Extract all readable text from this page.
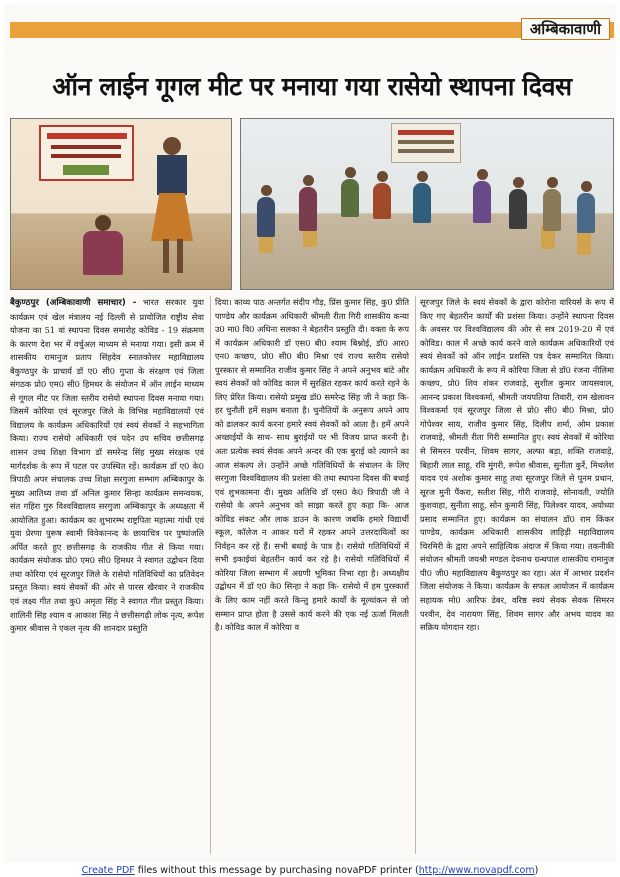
अम्बिकावाणी
ऑन लाईन गूगल मीट पर मनाया गया रासेयो स्थापना दिवस

बैकुण्ठपुर (अम्बिकावाणी समाचार) - भारत सरकार युवा कार्यक्रम एवं खेल मंत्रालय नई दिल्ली से प्रायोजित राष्ट्रीय सेवा योजना का 51 वां स्थापना दिवस समारोह कोविड - 19 संक्रमण के कारण देश भर में वर्चुअल माध्यम से मनाया गया। इसी क्रम में शासकीय रामानुज प्रताप सिंहदेव स्नातकोत्तर महाविद्यालय बैकुण्ठपुर के प्राचार्य डॉ ए0 सी0 गुप्ता के संरक्षण एवं जिला संगठक प्रो0 एम0 सी0 हिमधर के संयोजन में ऑन लाईन माध्यम से गूगल मीट पर जिला स्तरीय रासेयो स्थापना दिवस मनाया गया। जिसमें कोरिया एवं सूरजपुर जिले के विभिन्न महाविद्यालयों एवं विद्यालय के कार्यक्रम अधिकारियों एवं स्वयं सेवकों ने सहभागिता किया। राज्य रासेयो अधिकारी एवं पदेन उप सचिव छत्तीसगढ़ शासन उच्च शिक्षा विभाग डॉ समरेन्द्र सिंह मुख्य संरक्षक एवं मार्गदर्शक के रूप में पटल पर उपस्थित रहें। कार्यक्रम डॉ ए0 के0 त्रिपाठी अपर संचालक उच्च शिक्षा सरगुजा सम्भाग अम्बिकापुर के मुख्य आतिथ्य तथा डॉ अनिल कुमार सिन्हा कार्यक्रम समन्वयक, संत गहिरा गुरु विश्वविद्यालय सरगुजा अम्बिकापुर के अध्यक्षता में आयोजित हुआ। कार्यक्रम का शुभारम्भ राष्ट्रपिता महात्मा गांधी एवं युवा प्रेरणा पुरूष स्वामी विवेकानन्द के छायाचित्र पर पुष्पांजलि अर्पित करते हुए छत्तीसगढ़ के राजकीय गीत से किया गया। कार्यक्रम संयोजक प्रो0 एम0 सी0 हिमधर ने स्वागत उद्बोधन दिया तथा कोरिया एवं सूरजपुर जिले के रासेयो गतिविधियों का प्रतिवेदन प्रस्तुत किया। स्वयं सेवकों की ओर से पारस खैरवार ने राजकीय एवं लक्ष्य गीत तथा कु0 अमृता सिंह ने स्वागत गीत प्रस्तुत किया। शालिनी सिंह श्याम व आकाश सिंह ने छत्तीसगढ़ी लोक नृत्य, रूपेश कुमार श्रीवास ने एकल नृत्य की शानदार प्रस्तुति

दिया। काव्य पाठ अन्तर्गत संदीप गौड़, प्रिंस कुमार सिंह, कु0 प्रीति पाण्डेय और कार्यक्रम अधिकारी श्रीमती रीता गिरी शासकीय कन्या उ0 मा0 वि0 अधिना सलका ने बेहतरीन प्रस्तुति दी। वक्ता के रूप में कार्यक्रम अधिकारी डॉ एस0 बी0 श्याम बिश्नोई, डॉ0 आर0 एन0 कच्छप, प्रो0 सी0 बी0 मिश्रा एवं राज्य स्तरीय रासेयो पुरस्कार से सम्मानित राजीव कुमार सिंह ने अपने अनुभव बांटे और स्वयं सेवकों को कोविड काल में सुरक्षित रहकर कार्य करते रहने के लिए प्रेरित किया। रासेयो प्रमुख डॉ0 समरेन्द्र सिंह जी ने कहा कि- हर चुनौती हमें सक्षम बनाता है। चुनौतियों के अनुरूप अपने आप को ढालकर कार्य करना हमारे स्वयं सेवकों को आता है। हमें अपने अच्छाईयों के साथ- साथ बुराईयों पर भी विजय प्राप्त करनी है। अतः प्रत्येक स्वयं सेवक अपने अन्दर की एक बुराई को त्यागने का आज संकल्प ले। उन्होंने अच्छे गतिविधियों के संचालन के लिए सरगुजा विश्वविद्यालय की प्रशंसा की तथा स्थापना दिवस की बधाई एवं शुभकामना दी। मुख्य अतिथि डॉ एस0 के0 त्रिपाठी जी ने रासेयो के अपने अनुभव को साझा करते हुए कहा कि- आज कोविड संकट और लाक डाउन के कारण जबकि हमारे विद्यार्थी स्कूल, कॉलेज न आकर घरों में रहकर अपने उत्तरदायित्वों का निर्वहन कर रहे हैं। सभी बधाई के पात्र है। रासेयो गतिविधियों में सभी इकाईयां बेहतरीन कार्य कर रहे है। रासेयो गतिविधियों में कोरिया जिला सम्भाग में अग्रणी भूमिका निभा रहा है। अध्यक्षीय उद्बोधन में डॉ ए0 के0 सिन्हा ने कहा कि- रासेयो में हम पुरस्कारों के लिए काम नहीं करते किन्तु हमारे कार्यों के मूल्यांकन से जो सम्मान प्राप्त होता है उससे कार्य करने की एक नई ऊर्जा मिलती है। कोविड काल में कोरिया व

सूरजपुर जिले के स्वयं सेवकों के द्वारा कोरोना वारियर्स के रूप में किए गए बेहतरीन कार्यों की प्रशंसा किया। उन्होंने स्थापना दिवस के अवसर पर विश्वविद्यालय की ओर से सत्र 2019-20 में एवं कोविड। काल में अच्छे कार्य करने वाले कार्यक्रम अधिकारियों एवं स्वयं सेवकों को ऑन लाईन प्रशस्ति पत्र देकर सम्मानित किया। कार्यक्रम अधिकारी के रूप में कोरिया जिला से डॉ0 रंजना नीलिमा कच्छप, प्रो0 शिव शंकर राजवाड़े, सुशील कुमार जायसवाल, आनन्द प्रकाश विश्वकर्मा, श्रीमती जयपतिया तिवारी, राम खेलावन विश्वकर्मा एवं सूरजपुर जिला से प्रो0 सी0 बी0 मिश्रा, प्रो0 गोपेश्वर साय, राजीव कुमार सिंह, दिलीप शर्मा, ओम प्रकाश राजवाड़े, श्रीमती रीता गिरी सम्मानित हुए। स्वयं सेवकों में कोरिया से सिमरन परवीन, शिवम सागर, अल्फा बड़ा, शक्ति राजवाड़े, बिहारी लाल साहू, रवि मुंगरी, रूपेश श्रीवास, सुनीता कुर्रे, मिथलेश यादव एवं अशोक कुमार साहू तथा सूरजपुर जिले से पूनम प्रधान, सूरज मुनी पैंकरा, सतीश सिंह, गौरी राजवाड़े, सोनावती, ज्योति कुशवाहा, सुनीता साहू, सोन कुमारी सिंह, पिलेश्वर यादव, अयोध्या प्रसाद सम्मानित हुए। कार्यक्रम का संचालन डॉ0 राम किंकर पाण्डेय, कार्यक्रम अधिकारी शासकीय लाहिड़ी महाविद्यालय चिरमिरी के द्वारा अपने साहित्यिक अंदाज में किया गया। तकनीकी संयोजन श्रीमती जयश्री मण्डल देवनाथ ग्रन्थपाल शासकीय रामानुज पी0 जी0 महाविद्यालय बैकुण्ठपुर का रहा। अंत में आभार प्रदर्शन जिला संयोजक ने किया। कार्यक्रम के सफल आयोजन में कार्यक्रम सहायक मो0 आरिफ डेबर, वरिष्ठ स्वयं सेवक सेवक सिमरन परवीन, देव नारायण सिंह, शिवम सागर और अभय यादव का सक्रिय योगदान रहा।

Create PDF files without this message by purchasing novaPDF printer (http://www.novapdf.com)
